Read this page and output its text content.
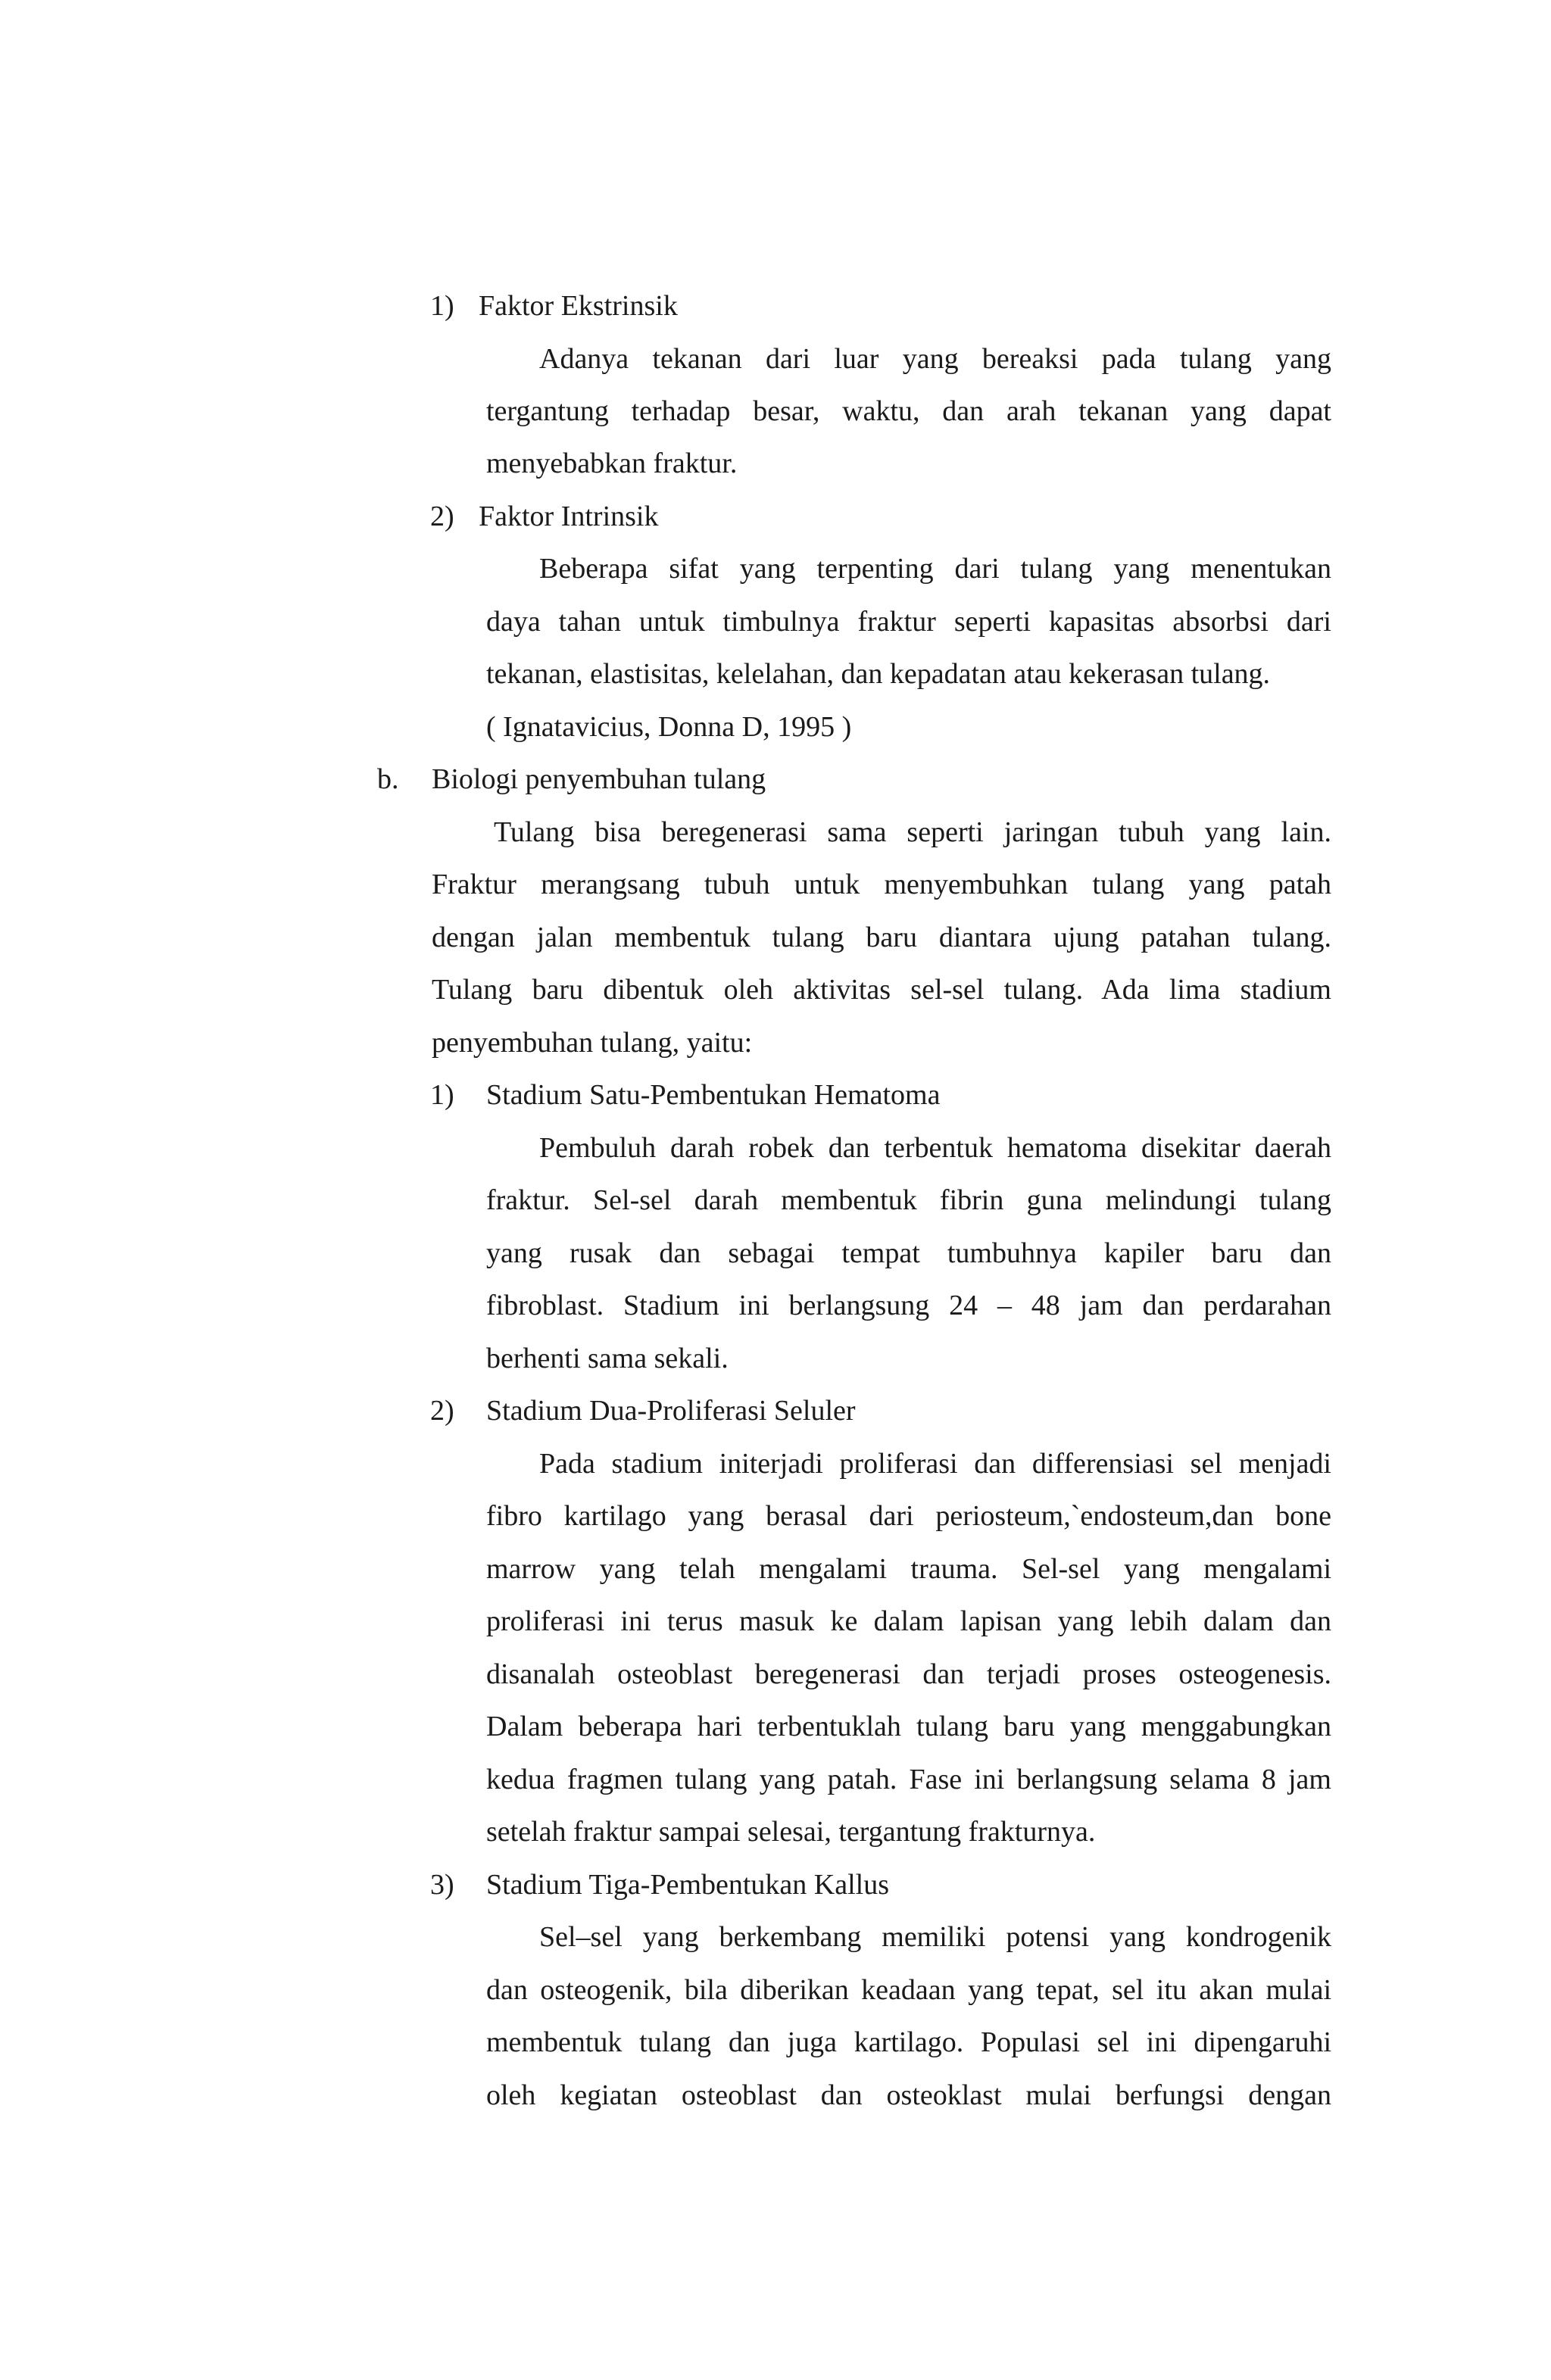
1) Faktor Ekstrinsik
Adanya tekanan dari luar yang bereaksi pada tulang yang
tergantung terhadap besar, waktu, dan arah tekanan yang dapat
menyebabkan fraktur.
2) Faktor Intrinsik
Beberapa sifat yang terpenting dari tulang yang menentukan
daya tahan untuk timbulnya fraktur seperti kapasitas absorbsi dari
tekanan, elastisitas, kelelahan, dan kepadatan atau kekerasan tulang.
( Ignatavicius, Donna D, 1995 )
b. Biologi penyembuhan tulang
Tulang bisa beregenerasi sama seperti jaringan tubuh yang lain.
Fraktur merangsang tubuh untuk menyembuhkan tulang yang patah
dengan jalan membentuk tulang baru diantara ujung patahan tulang.
Tulang baru dibentuk oleh aktivitas sel-sel tulang. Ada lima stadium
penyembuhan tulang, yaitu:
1) Stadium Satu-Pembentukan Hematoma
Pembuluh darah robek dan terbentuk hematoma disekitar daerah
fraktur. Sel-sel darah membentuk fibrin guna melindungi tulang
yang rusak dan sebagai tempat tumbuhnya kapiler baru dan
fibroblast. Stadium ini berlangsung 24 – 48 jam dan perdarahan
berhenti sama sekali.
2) Stadium Dua-Proliferasi Seluler
Pada stadium initerjadi proliferasi dan differensiasi sel menjadi
fibro kartilago yang berasal dari periosteum,`endosteum,dan bone
marrow yang telah mengalami trauma. Sel-sel yang mengalami
proliferasi ini terus masuk ke dalam lapisan yang lebih dalam dan
disanalah osteoblast beregenerasi dan terjadi proses osteogenesis.
Dalam beberapa hari terbentuklah tulang baru yang menggabungkan
kedua fragmen tulang yang patah. Fase ini berlangsung selama 8 jam
setelah fraktur sampai selesai, tergantung frakturnya.
3) Stadium Tiga-Pembentukan Kallus
Sel–sel yang berkembang memiliki potensi yang kondrogenik
dan osteogenik, bila diberikan keadaan yang tepat, sel itu akan mulai
membentuk tulang dan juga kartilago. Populasi sel ini dipengaruhi
oleh kegiatan osteoblast dan osteoklast mulai berfungsi dengan
